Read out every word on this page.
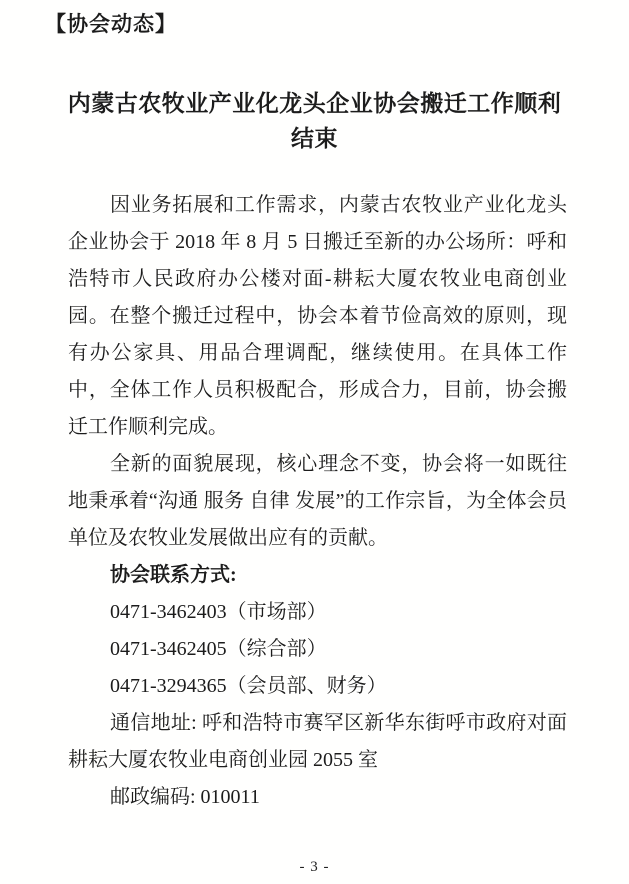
【协会动态】
内蒙古农牧业产业化龙头企业协会搬迁工作顺利
结束
因业务拓展和工作需求，内蒙古农牧业产业化龙头企业协会于 2018 年 8 月 5 日搬迁至新的办公场所：呼和浩特市人民政府办公楼对面-耕耘大厦农牧业电商创业园。在整个搬迁过程中，协会本着节俭高效的原则，现有办公家具、用品合理调配，继续使用。在具体工作中，全体工作人员积极配合，形成合力，目前，协会搬迁工作顺利完成。
全新的面貌展现，核心理念不变，协会将一如既往地秉承着“沟通 服务 自律 发展”的工作宗旨，为全体会员单位及农牧业发展做出应有的贡献。
协会联系方式:
0471-3462403（市场部）
0471-3462405（综合部）
0471-3294365（会员部、财务）
通信地址: 呼和浩特市赛罕区新华东街呼市政府对面耕耘大厦农牧业电商创业园 2055 室
邮政编码: 010011
- 3 -
